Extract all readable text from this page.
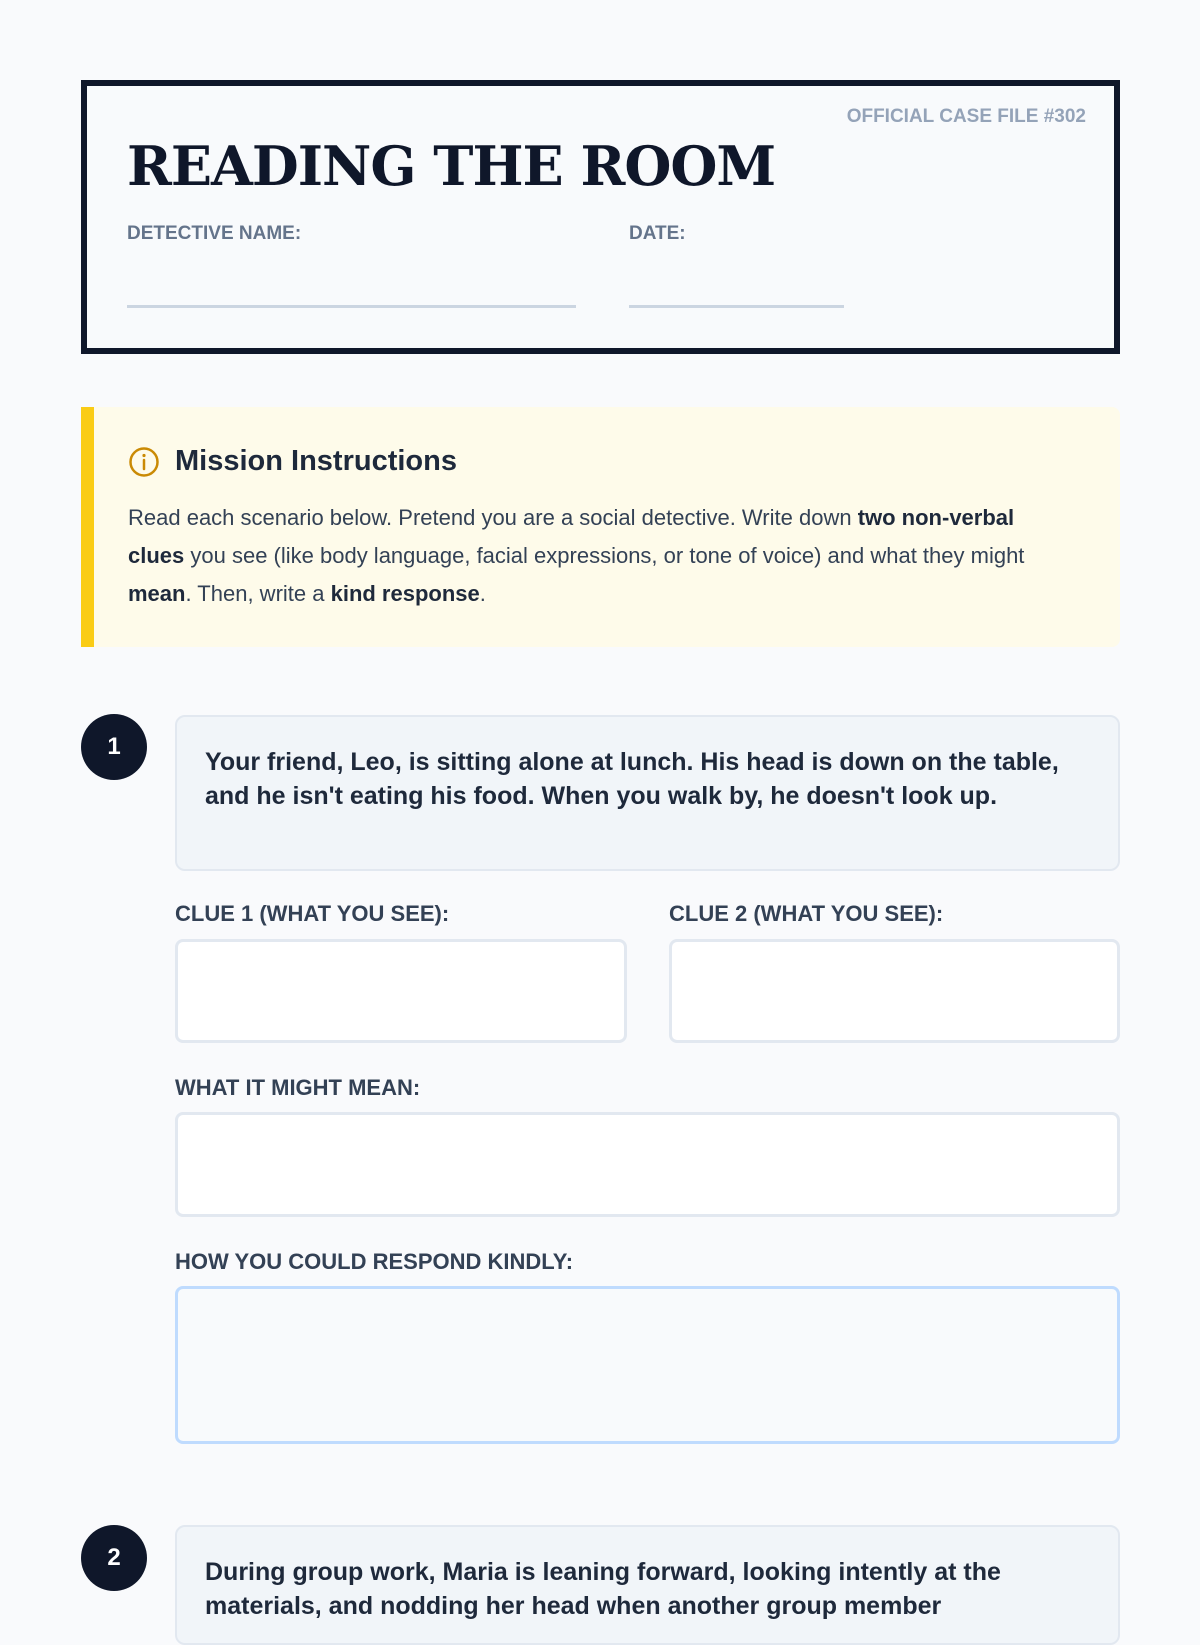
OFFICIAL CASE FILE #302
READING THE ROOM
DETECTIVE NAME:	DATE:
Mission Instructions
Read each scenario below. Pretend you are a social detective. Write down two non-verbal clues you see (like body language, facial expressions, or tone of voice) and what they might mean. Then, write a kind response.
1
Your friend, Leo, is sitting alone at lunch. His head is down on the table, and he isn't eating his food. When you walk by, he doesn't look up.
CLUE 1 (WHAT YOU SEE):	CLUE 2 (WHAT YOU SEE):
WHAT IT MIGHT MEAN:
HOW YOU COULD RESPOND KINDLY:
2
During group work, Maria is leaning forward, looking intently at the materials, and nodding her head when another group member
